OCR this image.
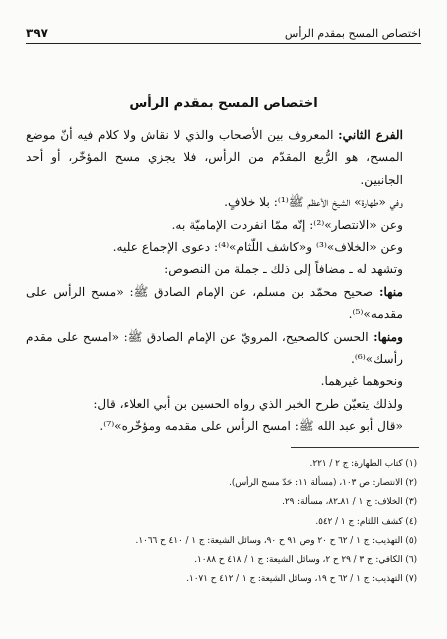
اختصاص المسح بمقدم الرأس
٣٩٧
اختصاص المسح بمقدم الرأس

الفرع الثاني: المعروف بين الأصحاب والذي لا نقاش ولا كلام فيه أنّ موضع المسح، هو الرُّبع المقدّم من الرأس، فلا يجزي مسح المؤخّر، أو أحد الجانبين.

وفي «طهارة» الشيخ الأعظم ﷺ⁽¹⁾: بلا خلافٍ.

وعن «الانتصار»⁽²⁾: إنّه ممّا انفردت الإماميّة به.

وعن «الخلاف»⁽³⁾ و«كاشف اللّثام»⁽⁴⁾: دعوى الإجماع عليه.

وتشهد له ـ مضافاً إلى ذلك ـ جملة من النصوص:

منها: صحيح محمّد بن مسلم، عن الإمام الصادق ﷺ: «مسح الرأس على مقدمه»⁽⁵⁾.

ومنها: الحسن كالصحيح، المرويّ عن الإمام الصادق ﷺ: «امسح على مقدم رأسك»⁽⁶⁾.

ونحوهما غيرهما.

ولذلك يتعيّن طرح الخبر الذي رواه الحسين بن أبي العلاء، قال:

«قال أبو عبد الله ﷺ: امسح الرأس على مقدمه ومؤخّره»⁽⁷⁾.

(١) كتاب الطهارة: ج ٢ / ٢٢١.

(٢) الانتصار: ص ١٠٣، (مسألة ١١: حَدّ مسح الرأس).

(٣) الخلاف: ج ١ / ٨١ـ٨٢، مسألة: ٢٩.

(٤) كشف اللثام: ج ١ / ٥٤٢.

(٥) التهذيب: ج ١ / ٦٢ ح ٢٠ وص ٩١ ح ٩٠، وسائل الشيعة: ج ١ / ٤١٠ ح ١٠٦٦.

(٦) الكافي: ج ٣ / ٢٩ ح ٢، وسائل الشيعة: ج ١ / ٤١٨ ح ١٠٨٨.

(٧) التهذيب: ج ١ / ٦٢ ح ١٩، وسائل الشيعة: ج ١ / ٤١٢ ح ١٠٧١.
